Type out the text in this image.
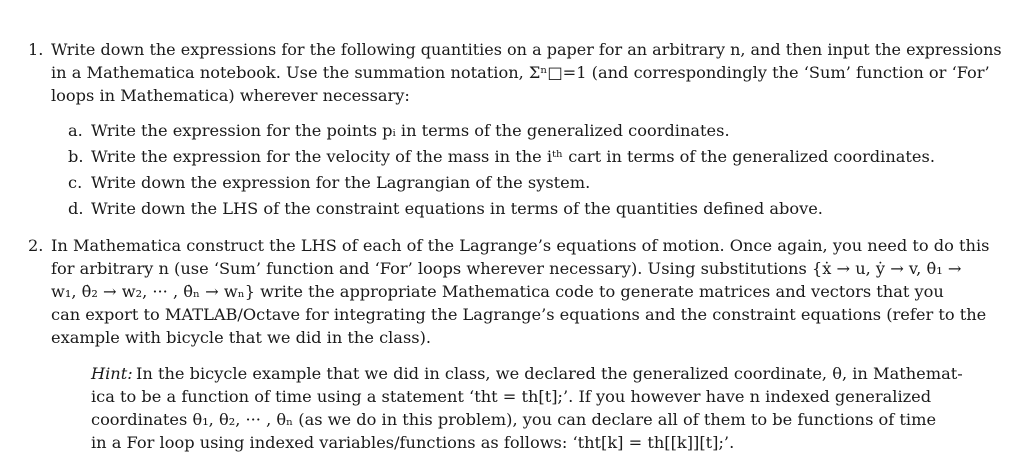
1. Write down the expressions for the following quantities on a paper for an arbitrary n, and then input the expressions
in a Mathematica notebook. Use the summation notation, Σⁿ□=1 (and correspondingly the ‘Sum’ function or ‘For’
loops in Mathematica) wherever necessary:
a. Write the expression for the points pᵢ in terms of the generalized coordinates.
b. Write the expression for the velocity of the mass in the iᵗʰ cart in terms of the generalized coordinates.
c. Write down the expression for the Lagrangian of the system.
d. Write down the LHS of the constraint equations in terms of the quantities defined above.
2. In Mathematica construct the LHS of each of the Lagrange’s equations of motion. Once again, you need to do this
for arbitrary n (use ‘Sum’ function and ‘For’ loops wherever necessary). Using substitutions {ẋ → u, ẏ → v, θ̇₁ →
w₁, θ̇₂ → w₂, ··· , θ̇ₙ → wₙ} write the appropriate Mathematica code to generate matrices and vectors that you
can export to MATLAB/Octave for integrating the Lagrange’s equations and the constraint equations (refer to the
example with bicycle that we did in the class).
Hint: In the bicycle example that we did in class, we declared the generalized coordinate, θ, in Mathemat-
ica to be a function of time using a statement ‘tht = th[t];’. If you however have n indexed generalized
coordinates θ₁, θ₂, ··· , θₙ (as we do in this problem), you can declare all of them to be functions of time
in a For loop using indexed variables/functions as follows: ‘tht[k] = th[[k]][t];’.
